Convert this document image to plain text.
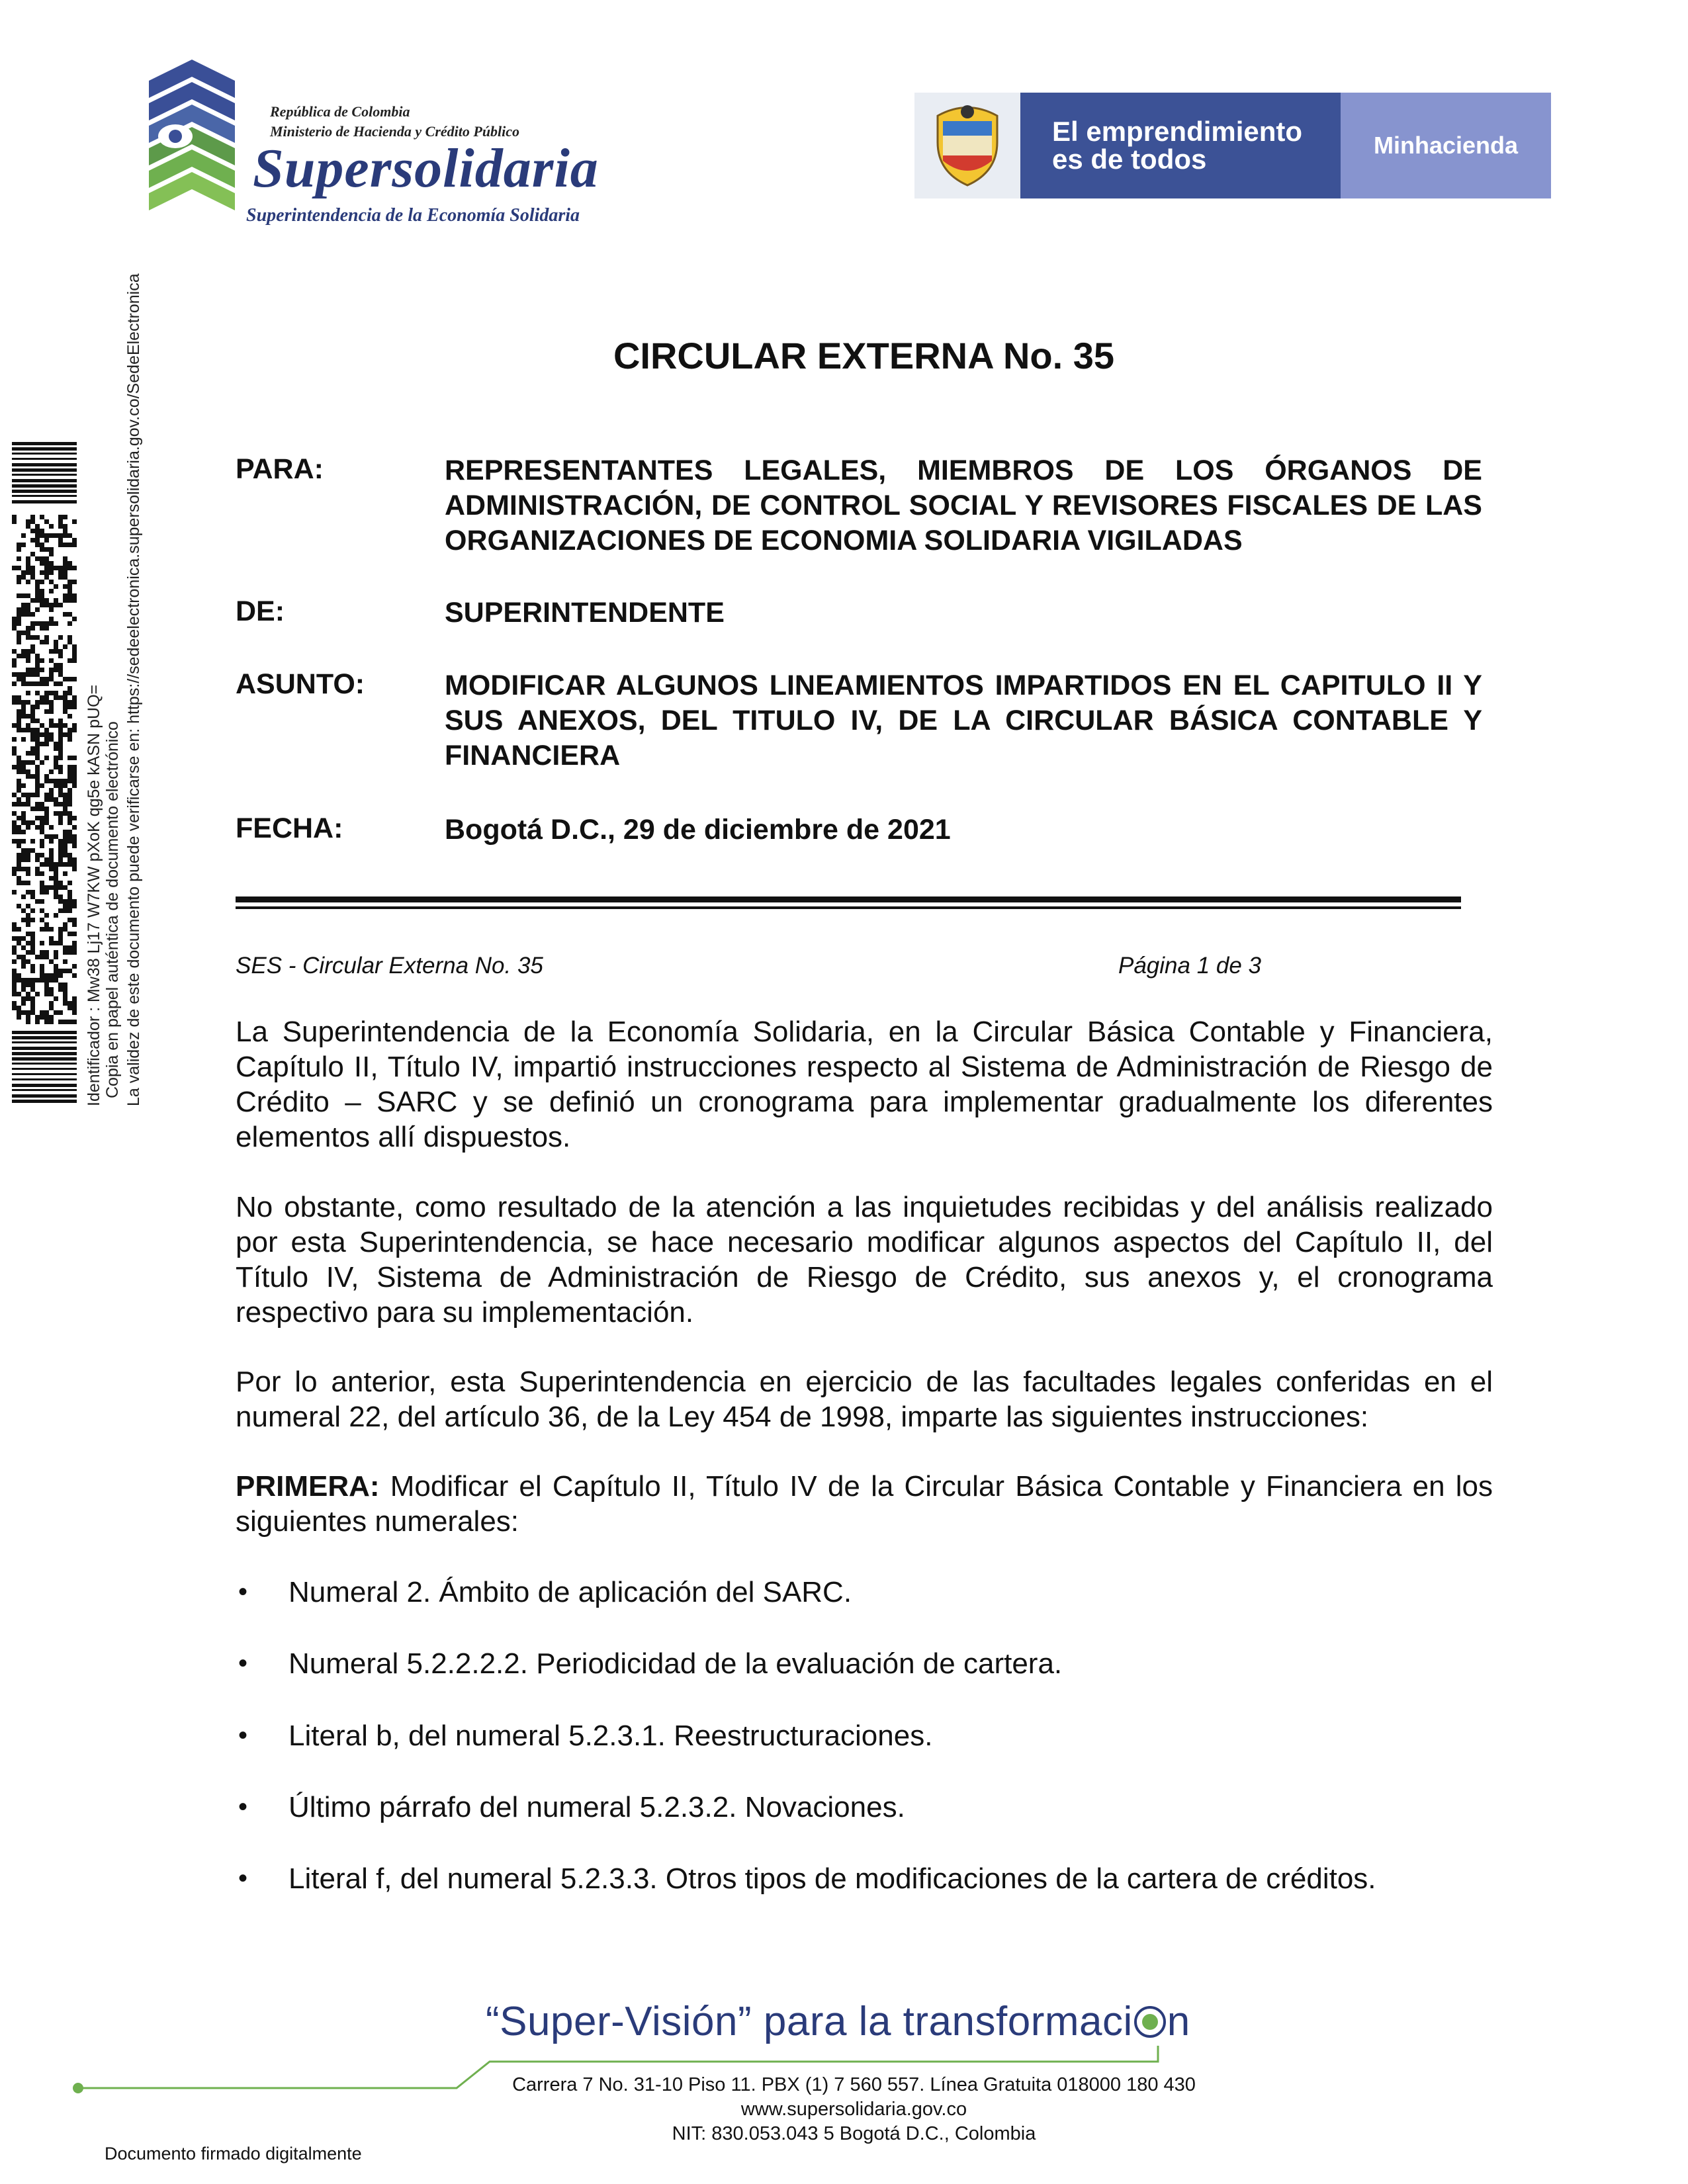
República de Colombia
Ministerio de Hacienda y Crédito Público
Supersolidaria
Superintendencia de la Economía Solidaria
El emprendimiento
es de todos	Minhacienda
Identificador : Mw38 Lj17 W7KW pXoK qg5e kASN pUQ= Copia en papel auténtica de documento electrónico La validez de este documento puede verificarse en: https://sedeelectronica.supersolidaria.gov.co/SedeElectronica	CIRCULAR EXTERNA No. 35
PARA:	REPRESENTANTES LEGALES, MIEMBROS DE LOS ÓRGANOS DE ADMINISTRACIÓN, DE CONTROL SOCIAL Y REVISORES FISCALES DE LAS ORGANIZACIONES DE ECONOMIA SOLIDARIA VIGILADAS
DE:	SUPERINTENDENTE
ASUNTO:	MODIFICAR ALGUNOS LINEAMIENTOS IMPARTIDOS EN EL CAPITULO II Y SUS ANEXOS, DEL TITULO IV, DE LA CIRCULAR BÁSICA CONTABLE Y FINANCIERA
FECHA:	Bogotá D.C., 29 de diciembre de 2021
SES - Circular Externa No. 35	Página 1 de 3
La Superintendencia de la Economía Solidaria, en la Circular Básica Contable y Financiera, Capítulo II, Título IV, impartió instrucciones respecto al Sistema de Administración de Riesgo de Crédito – SARC y se definió un cronograma para implementar gradualmente los diferentes elementos allí dispuestos.
No obstante, como resultado de la atención a las inquietudes recibidas y del análisis realizado por esta Superintendencia, se hace necesario modificar algunos aspectos del Capítulo II, del Título IV, Sistema de Administración de Riesgo de Crédito, sus anexos y, el cronograma respectivo para su implementación.
Por lo anterior, esta Superintendencia en ejercicio de las facultades legales conferidas en el numeral 22, del artículo 36, de la Ley 454 de 1998, imparte las siguientes instrucciones:
PRIMERA: Modificar el Capítulo II, Título IV de la Circular Básica Contable y Financiera en los siguientes numerales:
•	Numeral 2. Ámbito de aplicación del SARC.
•	Numeral 5.2.2.2.2. Periodicidad de la evaluación de cartera.
•	Literal b, del numeral 5.2.3.1. Reestructuraciones.
•	Último párrafo del numeral 5.2.3.2. Novaciones.
•	Literal f, del numeral 5.2.3.3. Otros tipos de modificaciones de la cartera de créditos.
“Super-Visión” para la transformaci n
Carrera 7 No. 31-10 Piso 11. PBX (1) 7 560 557. Línea Gratuita 018000 180 430
www.supersolidaria.gov.co
NIT: 830.053.043 5 Bogotá D.C., Colombia
Documento firmado digitalmente
